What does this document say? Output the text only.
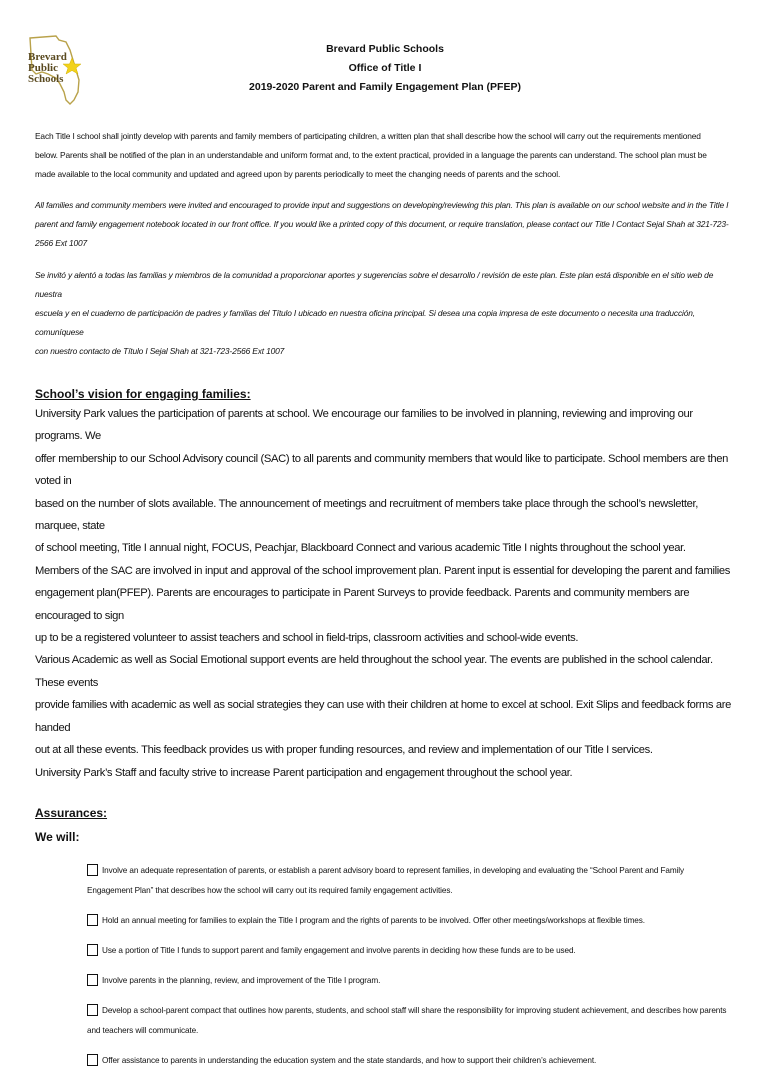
Brevard
Public
Schools
Brevard Public Schools
Office of Title I
2019-2020 Parent and Family Engagement Plan (PFEP)

Each Title I school shall jointly develop with parents and family members of participating children, a written plan that shall describe how the school will carry out the requirements mentioned
below. Parents shall be notified of the plan in an understandable and uniform format and, to the extent practical, provided in a language the parents can understand. The school plan must be
made available to the local community and updated and agreed upon by parents periodically to meet the changing needs of parents and the school.

All families and community members were invited and encouraged to provide input and suggestions on developing/reviewing this plan. This plan is available on our school website and in the Title I
parent and family engagement notebook located in our front office. If you would like a printed copy of this document, or require translation, please contact our Title I Contact Sejal Shah at 321-723-
2566 Ext 1007

Se invitó y alentó a todas las familias y miembros de la comunidad a proporcionar aportes y sugerencias sobre el desarrollo / revisión de este plan. Este plan está disponible en el sitio web de nuestra
escuela y en el cuaderno de participación de padres y familias del Título I ubicado en nuestra oficina principal. Si desea una copia impresa de este documento o necesita una traducción, comuníquese
con nuestro contacto de Título I Sejal Shah at 321-723-2566 Ext 1007

School’s vision for engaging families:

University Park values the participation of parents at school. We encourage our families to be involved in planning, reviewing and improving our programs. We
offer membership to our School Advisory council (SAC) to all parents and community members that would like to participate. School members are then voted in
based on the number of slots available. The announcement of meetings and recruitment of members take place through the school’s newsletter, marquee, state
of school meeting, Title I annual night, FOCUS, Peachjar, Blackboard Connect and various academic Title I nights throughout the school year.
Members of the SAC are involved in input and approval of the school improvement plan. Parent input is essential for developing the parent and families
engagement plan(PFEP). Parents are encourages to participate in Parent Surveys to provide feedback. Parents and community members are encouraged to sign
up to be a registered volunteer to assist teachers and school in field-trips, classroom activities and school-wide events.
Various Academic as well as Social Emotional support events are held throughout the school year. The events are published in the school calendar. These events
provide families with academic as well as social strategies they can use with their children at home to excel at school. Exit Slips and feedback forms are handed
out at all these events. This feedback provides us with proper funding resources, and review and implementation of our Title I services.
University Park’s Staff and faculty strive to increase Parent participation and engagement throughout the school year.

Assurances:
We will:
Involve an adequate representation of parents, or establish a parent advisory board to represent families, in developing and evaluating the “School Parent and Family
Engagement Plan” that describes how the school will carry out its required family engagement activities.
Hold an annual meeting for families to explain the Title I program and the rights of parents to be involved. Offer other meetings/workshops at flexible times.
Use a portion of Title I funds to support parent and family engagement and involve parents in deciding how these funds are to be used.
Involve parents in the planning, review, and improvement of the Title I program.
Develop a school-parent compact that outlines how parents, students, and school staff will share the responsibility for improving student achievement, and describes how parents
and teachers will communicate.
Offer assistance to parents in understanding the education system and the state standards, and how to support their children’s achievement.
